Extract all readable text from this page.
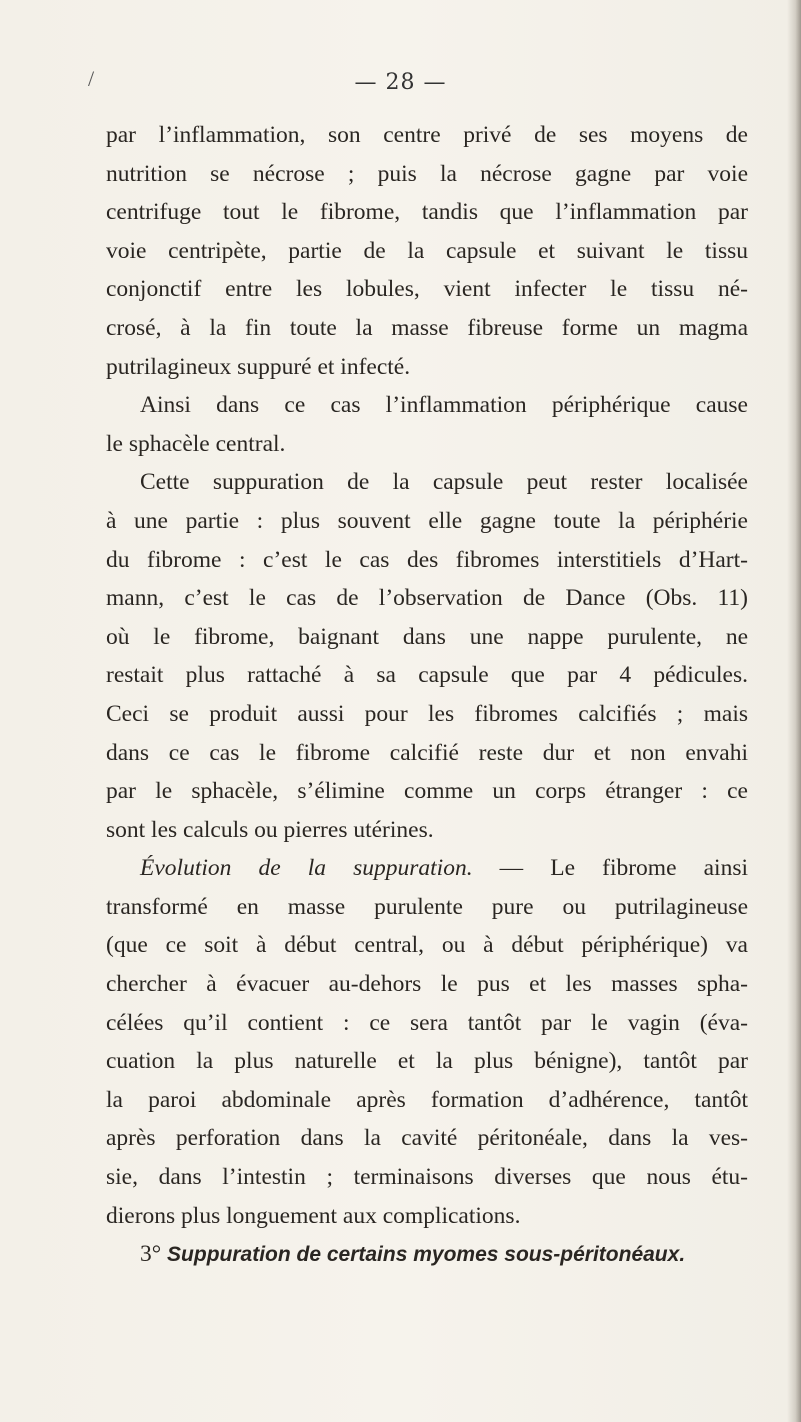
/	— 28 —
par l’inflammation, son centre privé de ses moyens de
nutrition se nécrose ; puis la nécrose gagne par voie
centrifuge tout le fibrome, tandis que l’inflammation par
voie centripète, partie de la capsule et suivant le tissu
conjonctif entre les lobules, vient infecter le tissu né-
crosé, à la fin toute la masse fibreuse forme un magma
putrilagineux suppuré et infecté.
Ainsi dans ce cas l’inflammation périphérique cause
le sphacèle central.
Cette suppuration de la capsule peut rester localisée
à une partie : plus souvent elle gagne toute la périphérie
du fibrome : c’est le cas des fibromes interstitiels d’Hart-
mann, c’est le cas de l’observation de Dance (Obs. 11)
où le fibrome, baignant dans une nappe purulente, ne
restait plus rattaché à sa capsule que par 4 pédicules.
Ceci se produit aussi pour les fibromes calcifiés ; mais
dans ce cas le fibrome calcifié reste dur et non envahi
par le sphacèle, s’élimine comme un corps étranger : ce
sont les calculs ou pierres utérines.
Évolution de la suppuration. — Le fibrome ainsi
transformé en masse purulente pure ou putrilagineuse
(que ce soit à début central, ou à début périphérique) va
chercher à évacuer au-dehors le pus et les masses spha-
célées qu’il contient : ce sera tantôt par le vagin (éva-
cuation la plus naturelle et la plus bénigne), tantôt par
la paroi abdominale après formation d’adhérence, tantôt
après perforation dans la cavité péritonéale, dans la ves-
sie, dans l’intestin ; terminaisons diverses que nous étu-
dierons plus longuement aux complications.
3° Suppuration de certains myomes sous-péritonéaux.
